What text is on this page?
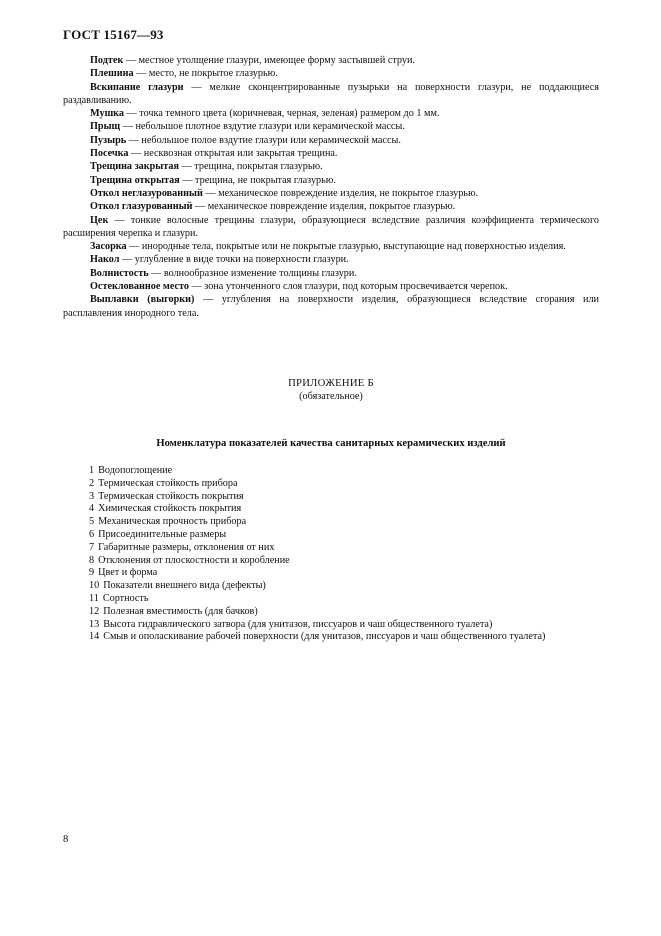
ГОСТ 15167—93

Подтек — местное утолщение глазури, имеющее форму застывшей струи.

Плешина — место, не покрытое глазурью.

Вскипание глазури — мелкие сконцентрированные пузырьки на поверхности глазури, не поддающиеся раздавливанию.

Мушка — точка темного цвета (коричневая, черная, зеленая) размером до 1 мм.

Прыщ — небольшое плотное вздутие глазури или керамической массы.

Пузырь — небольшое полое вздутие глазури или керамической массы.

Посечка — несквозная открытая или закрытая трещина.

Трещина закрытая — трещина, покрытая глазурью.

Трещина открытая — трещина, не покрытая глазурью.

Откол неглазурованный — механическое повреждение изделия, не покрытое глазурью.

Откол глазурованный — механическое повреждение изделия, покрытое глазурью.

Цек — тонкие волосные трещины глазури, образующиеся вследствие различия коэффициента термического расширения черепка и глазури.

Засорка — инородные тела, покрытые или не покрытые глазурью, выступающие над поверхностью изделия.

Накол — углубление в виде точки на поверхности глазури.

Волнистость — волнообразное изменение толщины глазури.

Остеклованное место — зона утонченного слоя глазури, под которым просвечивается черепок.

Выплавки (выгорки) — углубления на поверхности изделия, образующиеся вследствие сгорания или расплавления инородного тела.

ПРИЛОЖЕНИЕ Б
(обязательное)
Номенклатура показателей качества санитарных керамических изделий
1 Водопоглощение
2 Термическая стойкость прибора
3 Термическая стойкость покрытия
4 Химическая стойкость покрытия
5 Механическая прочность прибора
6 Присоединительные размеры
7 Габаритные размеры, отклонения от них
8 Отклонения от плоскостности и коробление
9 Цвет и форма
10 Показатели внешнего вида (дефекты)
11 Сортность
12 Полезная вместимость (для бачков)
13 Высота гидравлического затвора (для унитазов, писсуаров и чаш общественного туалета)
14 Смыв и ополаскивание рабочей поверхности (для унитазов, писсуаров и чаш общественного туалета)
8
